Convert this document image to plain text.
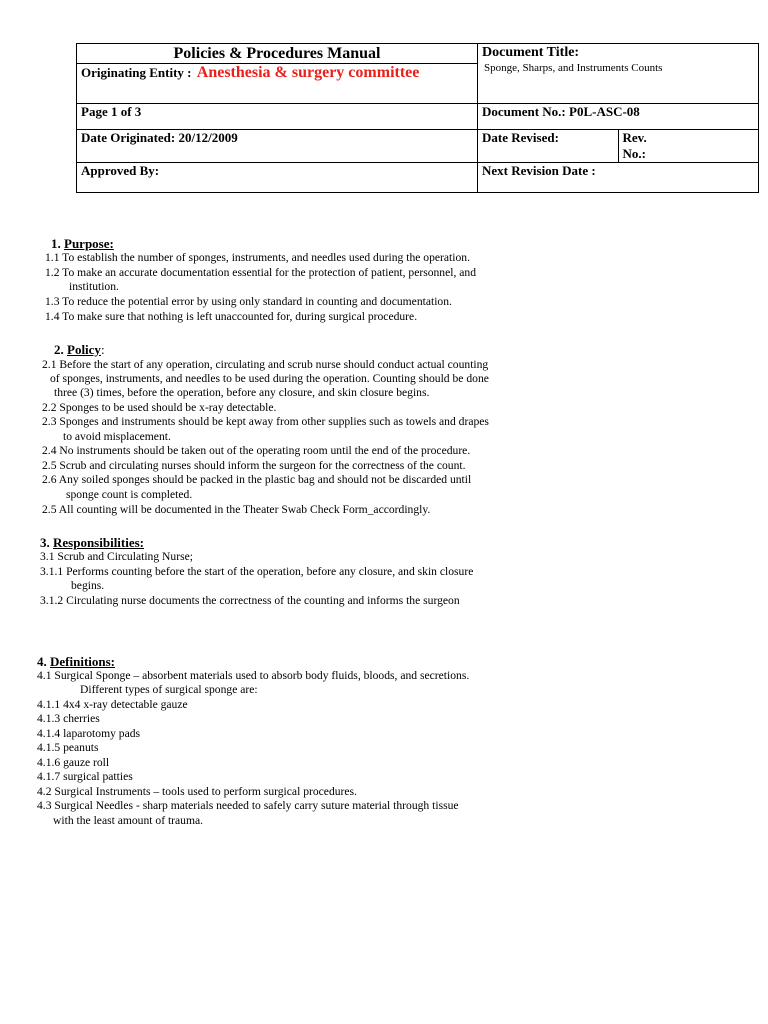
Policies & Procedures Manual	Document Title:
Sponge, Sharps, and Instruments Counts	

Originating Entity : Anesthesia & surgery committee		
Page 1 of 3	Document No.: P0L-ASC-08	
Date Originated: 20/12/2009	Date Revised:	Rev.
No.:
Approved By:	Next Revision Date :	
1. Purpose:
1.1 To establish the number of sponges, instruments, and needles used during the operation.
1.2 To make an accurate documentation essential for the protection of patient, personnel, and
institution.
1.3 To reduce the potential error by using only standard in counting and documentation.
1.4 To make sure that nothing is left unaccounted for, during surgical procedure.
2. Policy:
2.1 Before the start of any operation, circulating and scrub nurse should conduct actual counting
of sponges, instruments, and needles to be used during the operation. Counting should be done
three (3) times, before the operation, before any closure, and skin closure begins.
2.2 Sponges to be used should be x-ray detectable.
2.3 Sponges and instruments should be kept away from other supplies such as towels and drapes
to avoid misplacement.
2.4 No instruments should be taken out of the operating room until the end of the procedure.
2.5 Scrub and circulating nurses should inform the surgeon for the correctness of the count.
2.6 Any soiled sponges should be packed in the plastic bag and should not be discarded until
sponge count is completed.
2.5 All counting will be documented in the Theater Swab Check Form_accordingly.
3. Responsibilities:
3.1 Scrub and Circulating Nurse;
3.1.1 Performs counting before the start of the operation, before any closure, and skin closure
begins.
3.1.2 Circulating nurse documents the correctness of the counting and informs the surgeon
4. Definitions:
4.1 Surgical Sponge – absorbent materials used to absorb body fluids, bloods, and secretions.
Different types of surgical sponge are:
4.1.1 4x4 x-ray detectable gauze
4.1.3 cherries
4.1.4 laparotomy pads
4.1.5 peanuts
4.1.6 gauze roll
4.1.7 surgical patties
4.2 Surgical Instruments – tools used to perform surgical procedures.
4.3 Surgical Needles - sharp materials needed to safely carry suture material through tissue
with the least amount of trauma.
